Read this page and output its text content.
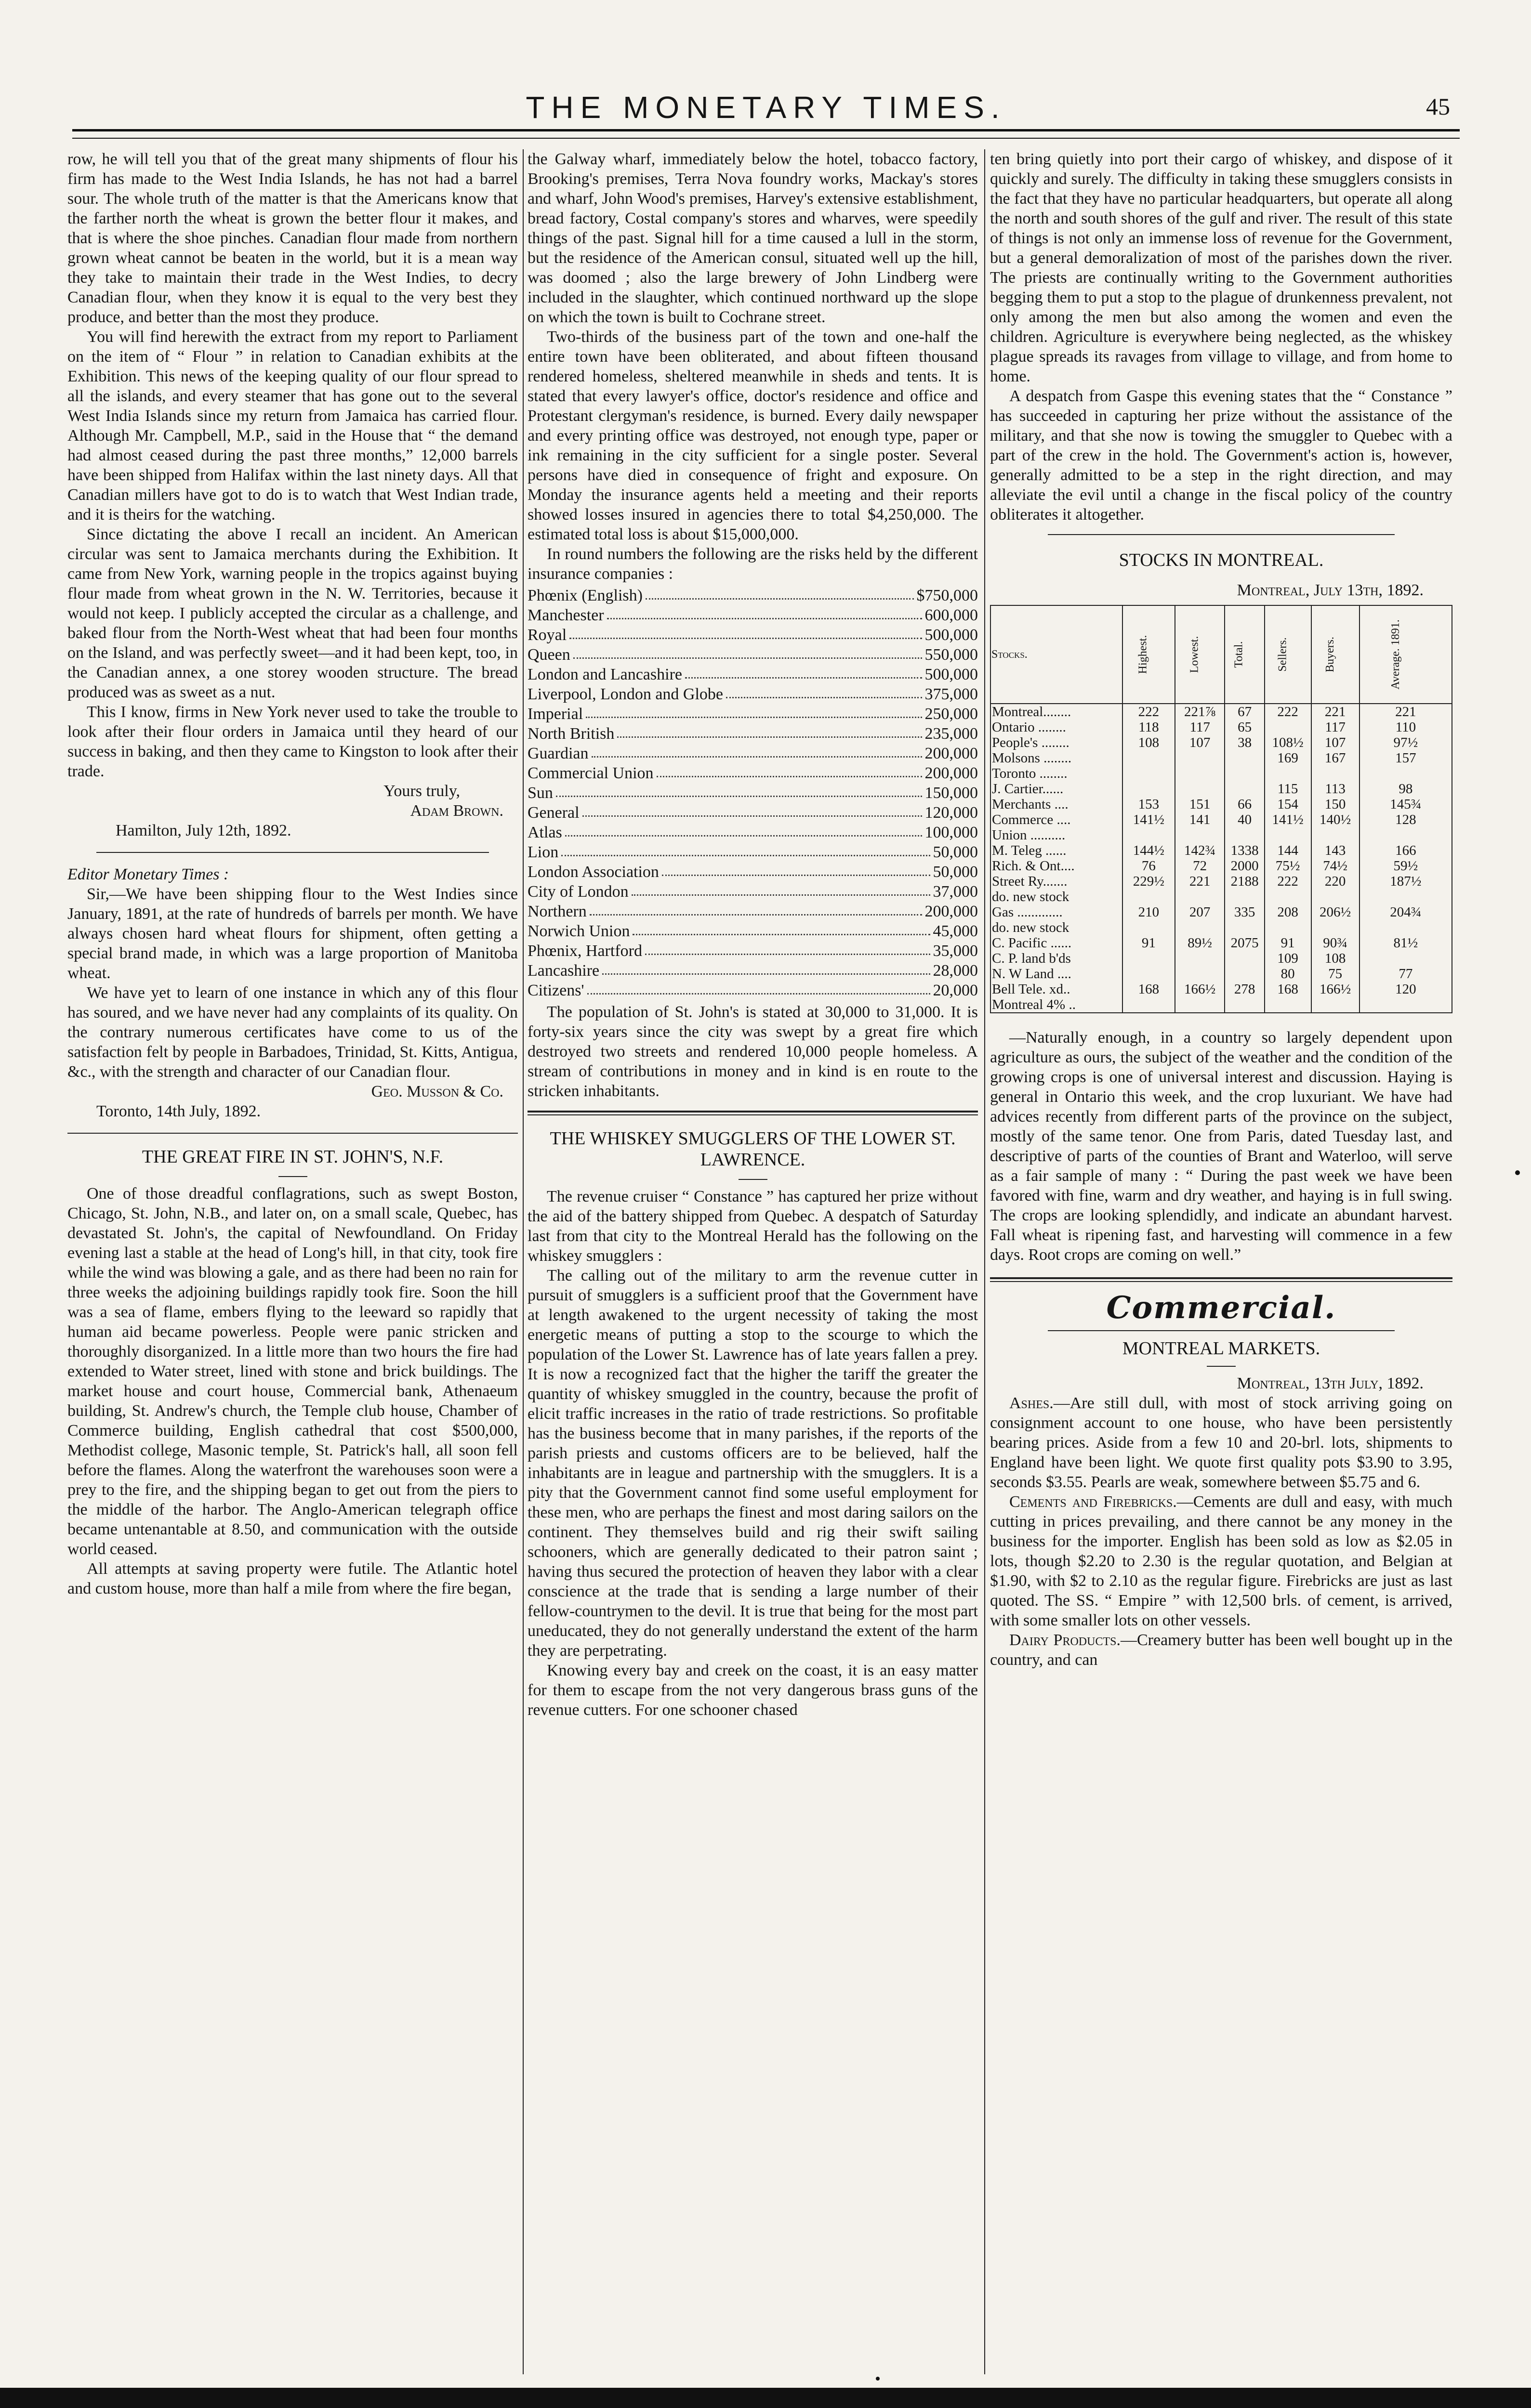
THE MONETARY TIMES.	45

row, he will tell you that of the great many shipments of flour his firm has made to the West India Islands, he has not had a barrel sour. The whole truth of the matter is that the Americans know that the farther north the wheat is grown the better flour it makes, and that is where the shoe pinches. Canadian flour made from northern grown wheat cannot be beaten in the world, but it is a mean way they take to maintain their trade in the West Indies, to decry Canadian flour, when they know it is equal to the very best they produce, and better than the most they produce.

You will find herewith the extract from my report to Parliament on the item of “ Flour ” in relation to Canadian exhibits at the Exhibition. This news of the keeping quality of our flour spread to all the islands, and every steamer that has gone out to the several West India Islands since my return from Jamaica has carried flour. Although Mr. Campbell, M.P., said in the House that “ the demand had almost ceased during the past three months,” 12,000 barrels have been shipped from Halifax within the last ninety days. All that Canadian millers have got to do is to watch that West Indian trade, and it is theirs for the watching.

Since dictating the above I recall an incident. An American circular was sent to Jamaica merchants during the Exhibition. It came from New York, warning people in the tropics against buying flour made from wheat grown in the N. W. Territories, because it would not keep. I publicly accepted the circular as a challenge, and baked flour from the North-West wheat that had been four months on the Island, and was perfectly sweet—and it had been kept, too, in the Canadian annex, a one storey wooden structure. The bread produced was as sweet as a nut.

This I know, firms in New York never used to take the trouble to look after their flour orders in Jamaica until they heard of our success in baking, and then they came to Kingston to look after their trade.

Yours truly,

Adam Brown.

Hamilton, July 12th, 1892.

Editor Monetary Times :

Sir,—We have been shipping flour to the West Indies since January, 1891, at the rate of hundreds of barrels per month. We have always chosen hard wheat flours for shipment, often getting a special brand made, in which was a large proportion of Manitoba wheat.

We have yet to learn of one instance in which any of this flour has soured, and we have never had any complaints of its quality. On the contrary numerous certificates have come to us of the satisfaction felt by people in Barbadoes, Trinidad, St. Kitts, Antigua, &c., with the strength and character of our Canadian flour.

Geo. Musson & Co.

Toronto, 14th July, 1892.

THE GREAT FIRE IN ST. JOHN'S, N.F.

One of those dreadful conflagrations, such as swept Boston, Chicago, St. John, N.B., and later on, on a small scale, Quebec, has devastated St. John's, the capital of Newfoundland. On Friday evening last a stable at the head of Long's hill, in that city, took fire while the wind was blowing a gale, and as there had been no rain for three weeks the adjoining buildings rapidly took fire. Soon the hill was a sea of flame, embers flying to the leeward so rapidly that human aid became powerless. People were panic stricken and thoroughly disorganized. In a little more than two hours the fire had extended to Water street, lined with stone and brick buildings. The market house and court house, Commercial bank, Athenaeum building, St. Andrew's church, the Temple club house, Chamber of Commerce building, English cathedral that cost $500,000, Methodist college, Masonic temple, St. Patrick's hall, all soon fell before the flames. Along the waterfront the warehouses soon were a prey to the fire, and the shipping began to get out from the piers to the middle of the harbor. The Anglo-American telegraph office became untenantable at 8.50, and communication with the outside world ceased.

All attempts at saving property were futile. The Atlantic hotel and custom house, more than half a mile from where the fire began,

the Galway wharf, immediately below the hotel, tobacco factory, Brooking's premises, Terra Nova foundry works, Mackay's stores and wharf, John Wood's premises, Harvey's extensive establishment, bread factory, Costal company's stores and wharves, were speedily things of the past. Signal hill for a time caused a lull in the storm, but the residence of the American consul, situated well up the hill, was doomed ; also the large brewery of John Lindberg were included in the slaughter, which continued northward up the slope on which the town is built to Cochrane street.

Two-thirds of the business part of the town and one-half the entire town have been obliterated, and about fifteen thousand rendered homeless, sheltered meanwhile in sheds and tents. It is stated that every lawyer's office, doctor's residence and office and Protestant clergyman's residence, is burned. Every daily newspaper and every printing office was destroyed, not enough type, paper or ink remaining in the city sufficient for a single poster. Several persons have died in consequence of fright and exposure. On Monday the insurance agents held a meeting and their reports showed losses insured in agencies there to total $4,250,000. The estimated total loss is about $15,000,000.

In round numbers the following are the risks held by the different insurance companies :

Phœnix (English)	$750,000
Manchester	600,000
Royal	500,000
Queen	550,000
London and Lancashire	500,000
Liverpool, London and Globe	375,000
Imperial	250,000
North British	235,000
Guardian	200,000
Commercial Union	200,000
Sun	150,000
General	120,000
Atlas	100,000
Lion	50,000
London Association	50,000
City of London	37,000
Northern	200,000
Norwich Union	45,000
Phœnix, Hartford	35,000
Lancashire	28,000
Citizens'	20,000

The population of St. John's is stated at 30,000 to 31,000. It is forty-six years since the city was swept by a great fire which destroyed two streets and rendered 10,000 people homeless. A stream of contributions in money and in kind is en route to the stricken inhabitants.

THE WHISKEY SMUGGLERS OF THE LOWER ST. LAWRENCE.

The revenue cruiser “ Constance ” has captured her prize without the aid of the battery shipped from Quebec. A despatch of Saturday last from that city to the Montreal Herald has the following on the whiskey smugglers :

The calling out of the military to arm the revenue cutter in pursuit of smugglers is a sufficient proof that the Government have at length awakened to the urgent necessity of taking the most energetic means of putting a stop to the scourge to which the population of the Lower St. Lawrence has of late years fallen a prey. It is now a recognized fact that the higher the tariff the greater the quantity of whiskey smuggled in the country, because the profit of elicit traffic increases in the ratio of trade restrictions. So profitable has the business become that in many parishes, if the reports of the parish priests and customs officers are to be believed, half the inhabitants are in league and partnership with the smugglers. It is a pity that the Government cannot find some useful employment for these men, who are perhaps the finest and most daring sailors on the continent. They themselves build and rig their swift sailing schooners, which are generally dedicated to their patron saint ; having thus secured the protection of heaven they labor with a clear conscience at the trade that is sending a large number of their fellow-countrymen to the devil. It is true that being for the most part uneducated, they do not generally understand the extent of the harm they are perpetrating.

Knowing every bay and creek on the coast, it is an easy matter for them to escape from the not very dangerous brass guns of the revenue cutters. For one schooner chased

ten bring quietly into port their cargo of whiskey, and dispose of it quickly and surely. The difficulty in taking these smugglers consists in the fact that they have no particular headquarters, but operate all along the north and south shores of the gulf and river. The result of this state of things is not only an immense loss of revenue for the Government, but a general demoralization of most of the parishes down the river. The priests are continually writing to the Government authorities begging them to put a stop to the plague of drunkenness prevalent, not only among the men but also among the women and even the children. Agriculture is everywhere being neglected, as the whiskey plague spreads its ravages from village to village, and from home to home.

A despatch from Gaspe this evening states that the “ Constance ” has succeeded in capturing her prize without the assistance of the military, and that she now is towing the smuggler to Quebec with a part of the crew in the hold. The Government's action is, however, generally admitted to be a step in the right direction, and may alleviate the evil until a change in the fiscal policy of the country obliterates it altogether.

STOCKS IN MONTREAL.

Montreal, July 13th, 1892.

Stocks.	Highest.	Lowest.	Total.	Sellers.	Buyers.	Average. 1891.
Montreal........	222	221⅞	67	222	221	221
Ontario ........	118	117	65		117	110
People's ........	108	107	38	108½	107	97½
Molsons ........				169	167	157
Toronto ........						
J. Cartier......				115	113	98
Merchants ....	153	151	66	154	150	145¾
Commerce ....	141½	141	40	141½	140½	128
Union ..........						
M. Teleg ......	144½	142¾	1338	144	143	166
Rich. & Ont....	76	72	2000	75½	74½	59½
Street Ry.......	229½	221	2188	222	220	187½
do. new stock						
Gas .............	210	207	335	208	206½	204¾
do. new stock						
C. Pacific ......	91	89½	2075	91	90¾	81½
C. P. land b'ds				109	108	
N. W Land ....				80	75	77
Bell Tele. xd..	168	166½	278	168	166½	120
Montreal 4% ..						

—Naturally enough, in a country so largely dependent upon agriculture as ours, the subject of the weather and the condition of the growing crops is one of universal interest and discussion. Haying is general in Ontario this week, and the crop luxuriant. We have had advices recently from different parts of the province on the subject, mostly of the same tenor. One from Paris, dated Tuesday last, and descriptive of parts of the counties of Brant and Waterloo, will serve as a fair sample of many : “ During the past week we have been favored with fine, warm and dry weather, and haying is in full swing. The crops are looking splendidly, and indicate an abundant harvest. Fall wheat is ripening fast, and harvesting will commence in a few days. Root crops are coming on well.”

Commercial.
MONTREAL MARKETS.

Montreal, 13th July, 1892.

Ashes.—Are still dull, with most of stock arriving going on consignment account to one house, who have been persistently bearing prices. Aside from a few 10 and 20-brl. lots, shipments to England have been light. We quote first quality pots $3.90 to 3.95, seconds $3.55. Pearls are weak, somewhere between $5.75 and 6.

Cements and Firebricks.—Cements are dull and easy, with much cutting in prices prevailing, and there cannot be any money in the business for the importer. English has been sold as low as $2.05 in lots, though $2.20 to 2.30 is the regular quotation, and Belgian at $1.90, with $2 to 2.10 as the regular figure. Firebricks are just as last quoted. The SS. “ Empire ” with 12,500 brls. of cement, is arrived, with some smaller lots on other vessels.

Dairy Products.—Creamery butter has been well bought up in the country, and can
